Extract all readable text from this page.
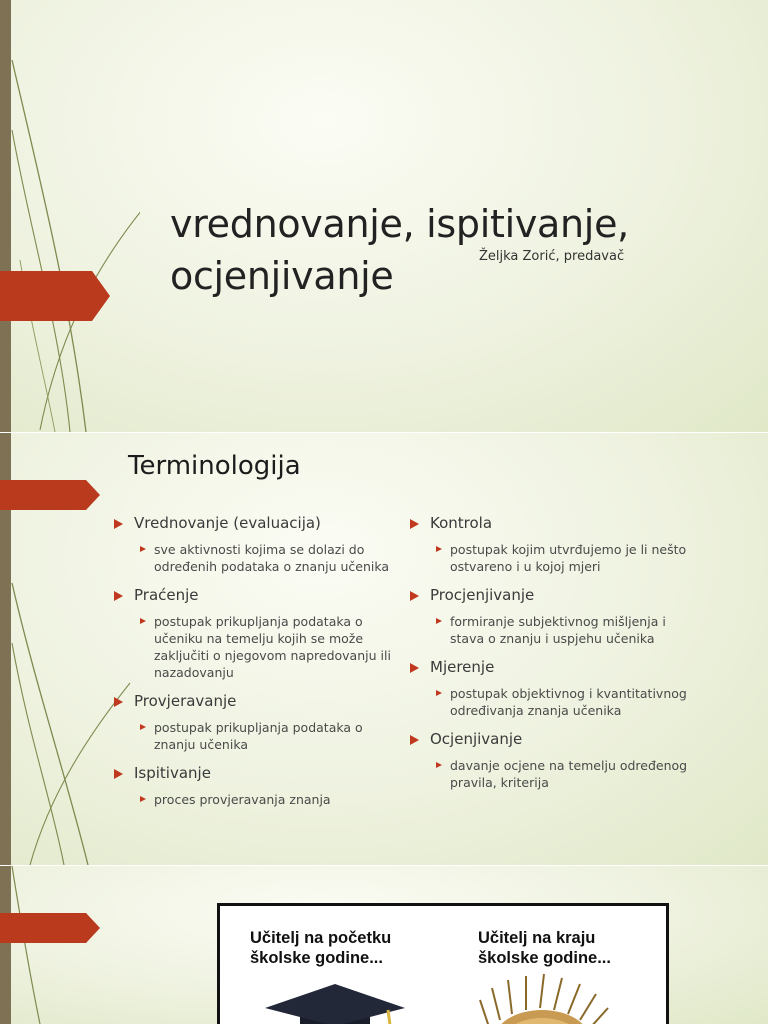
vrednovanje, ispitivanje,
ocjenjivanje	Željka Zorić, predavač
Terminologija

Vrednovanje (evaluacija)

sve aktivnosti kojima se dolazi do određenih podataka o znanju učenika

Praćenje

postupak prikupljanja podataka o učeniku na temelju kojih se može zaključiti o njegovom napredovanju ili nazadovanju

Provjeravanje

postupak prikupljanja podataka o znanju učenika

Ispitivanje

proces provjeravanja znanja

Kontrola

postupak kojim utvrđujemo je li nešto ostvareno i u kojoj mjeri

Procjenjivanje

formiranje subjektivnog mišljenja i stava o znanju i uspjehu učenika

Mjerenje

postupak objektivnog i kvantitativnog određivanja znanja učenika

Ocjenjivanje

davanje ocjene na temelju određenog pravila, kriterija

Učitelj na početku
školske godine...
Učitelj na kraju
školske godine...
